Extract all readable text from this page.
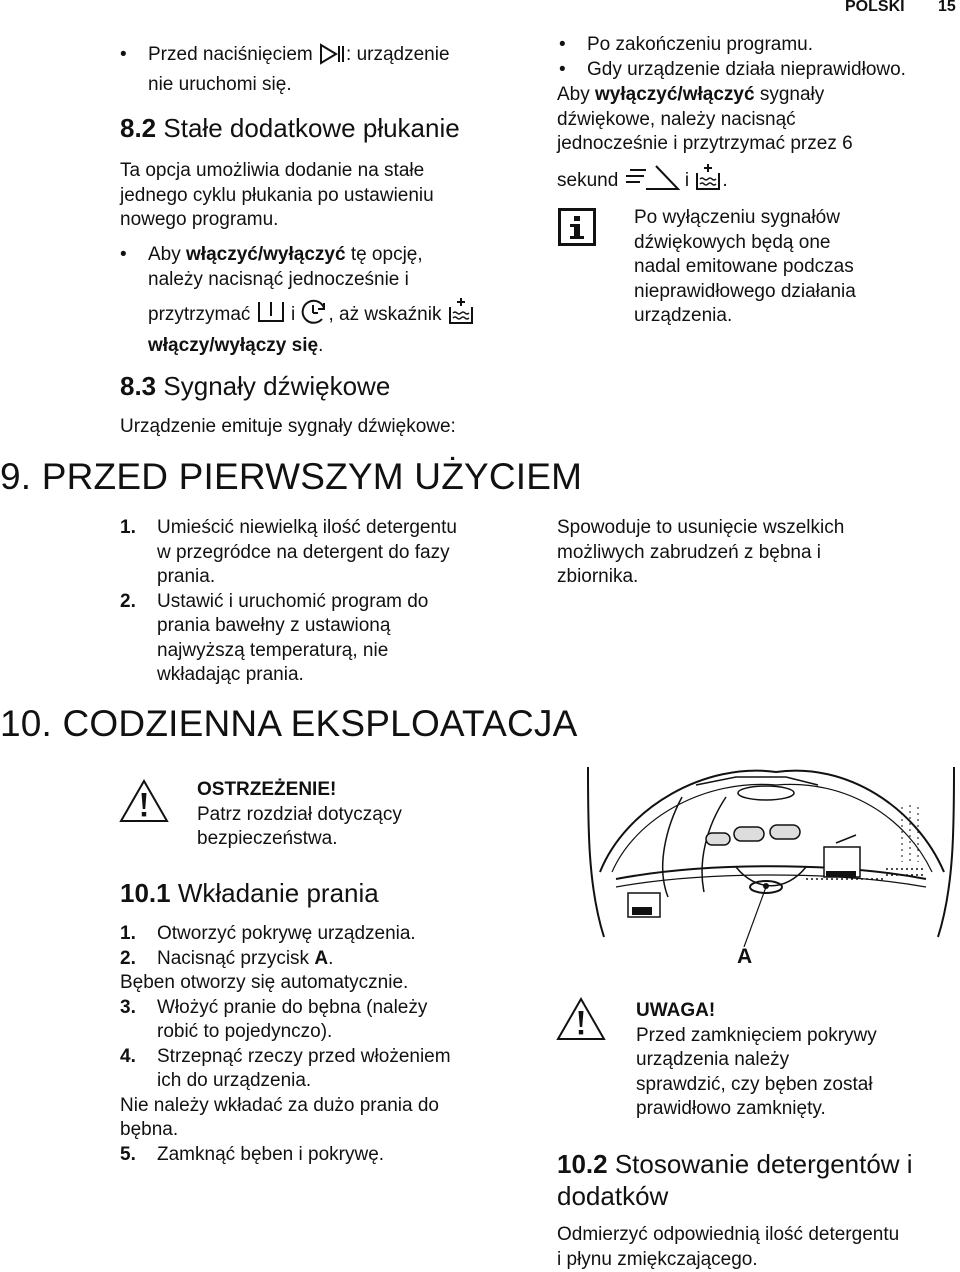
POLSKI 15
• Przed naciśnięciem : urządzenie
nie uruchomi się.
8.2 Stałe dodatkowe płukanie
Ta opcja umożliwia dodanie na stałe
jednego cyklu płukania po ustawieniu
nowego programu.
• Aby włączyć/wyłączyć tę opcję,
należy nacisnąć jednocześnie i
przytrzymać i , aż wskaźnik
włączy/wyłączy się.
8.3 Sygnały dźwiękowe
Urządzenie emituje sygnały dźwiękowe:
• Po zakończeniu programu.
• Gdy urządzenie działa nieprawidłowo.
Aby wyłączyć/włączyć sygnały
dźwiękowe, należy nacisnąć
jednocześnie i przytrzymać przez 6
sekund	i .
Po wyłączeniu sygnałów
dźwiękowych będą one
nadal emitowane podczas
nieprawidłowego działania
urządzenia.
9. PRZED PIERWSZYM UŻYCIEM
1.	Umieścić niewielką ilość detergentu
w przegródce na detergent do fazy
prania.
2.	Ustawić i uruchomić program do
prania bawełny z ustawioną
najwyższą temperaturą, nie
wkładając prania.
Spowoduje to usunięcie wszelkich
możliwych zabrudzeń z bębna i
zbiornika.
10. CODZIENNA EKSPLOATACJA
OSTRZEŻENIE!
Patrz rozdział dotyczący
bezpieczeństwa.
10.1 Wkładanie prania
1.	Otworzyć pokrywę urządzenia.
2.	Nacisnąć przycisk A.
Bęben otworzy się automatycznie.
3.	Włożyć pranie do bębna (należy
robić to pojedynczo).
4.	Strzepnąć rzeczy przed włożeniem
ich do urządzenia.
Nie należy wkładać za dużo prania do
bębna.
5.	Zamknąć bęben i pokrywę.
A
UWAGA!
Przed zamknięciem pokrywy
urządzenia należy
sprawdzić, czy bęben został
prawidłowo zamknięty.
10.2 Stosowanie detergentów i
dodatków
Odmierzyć odpowiednią ilość detergentu
i płynu zmiękczającego.
